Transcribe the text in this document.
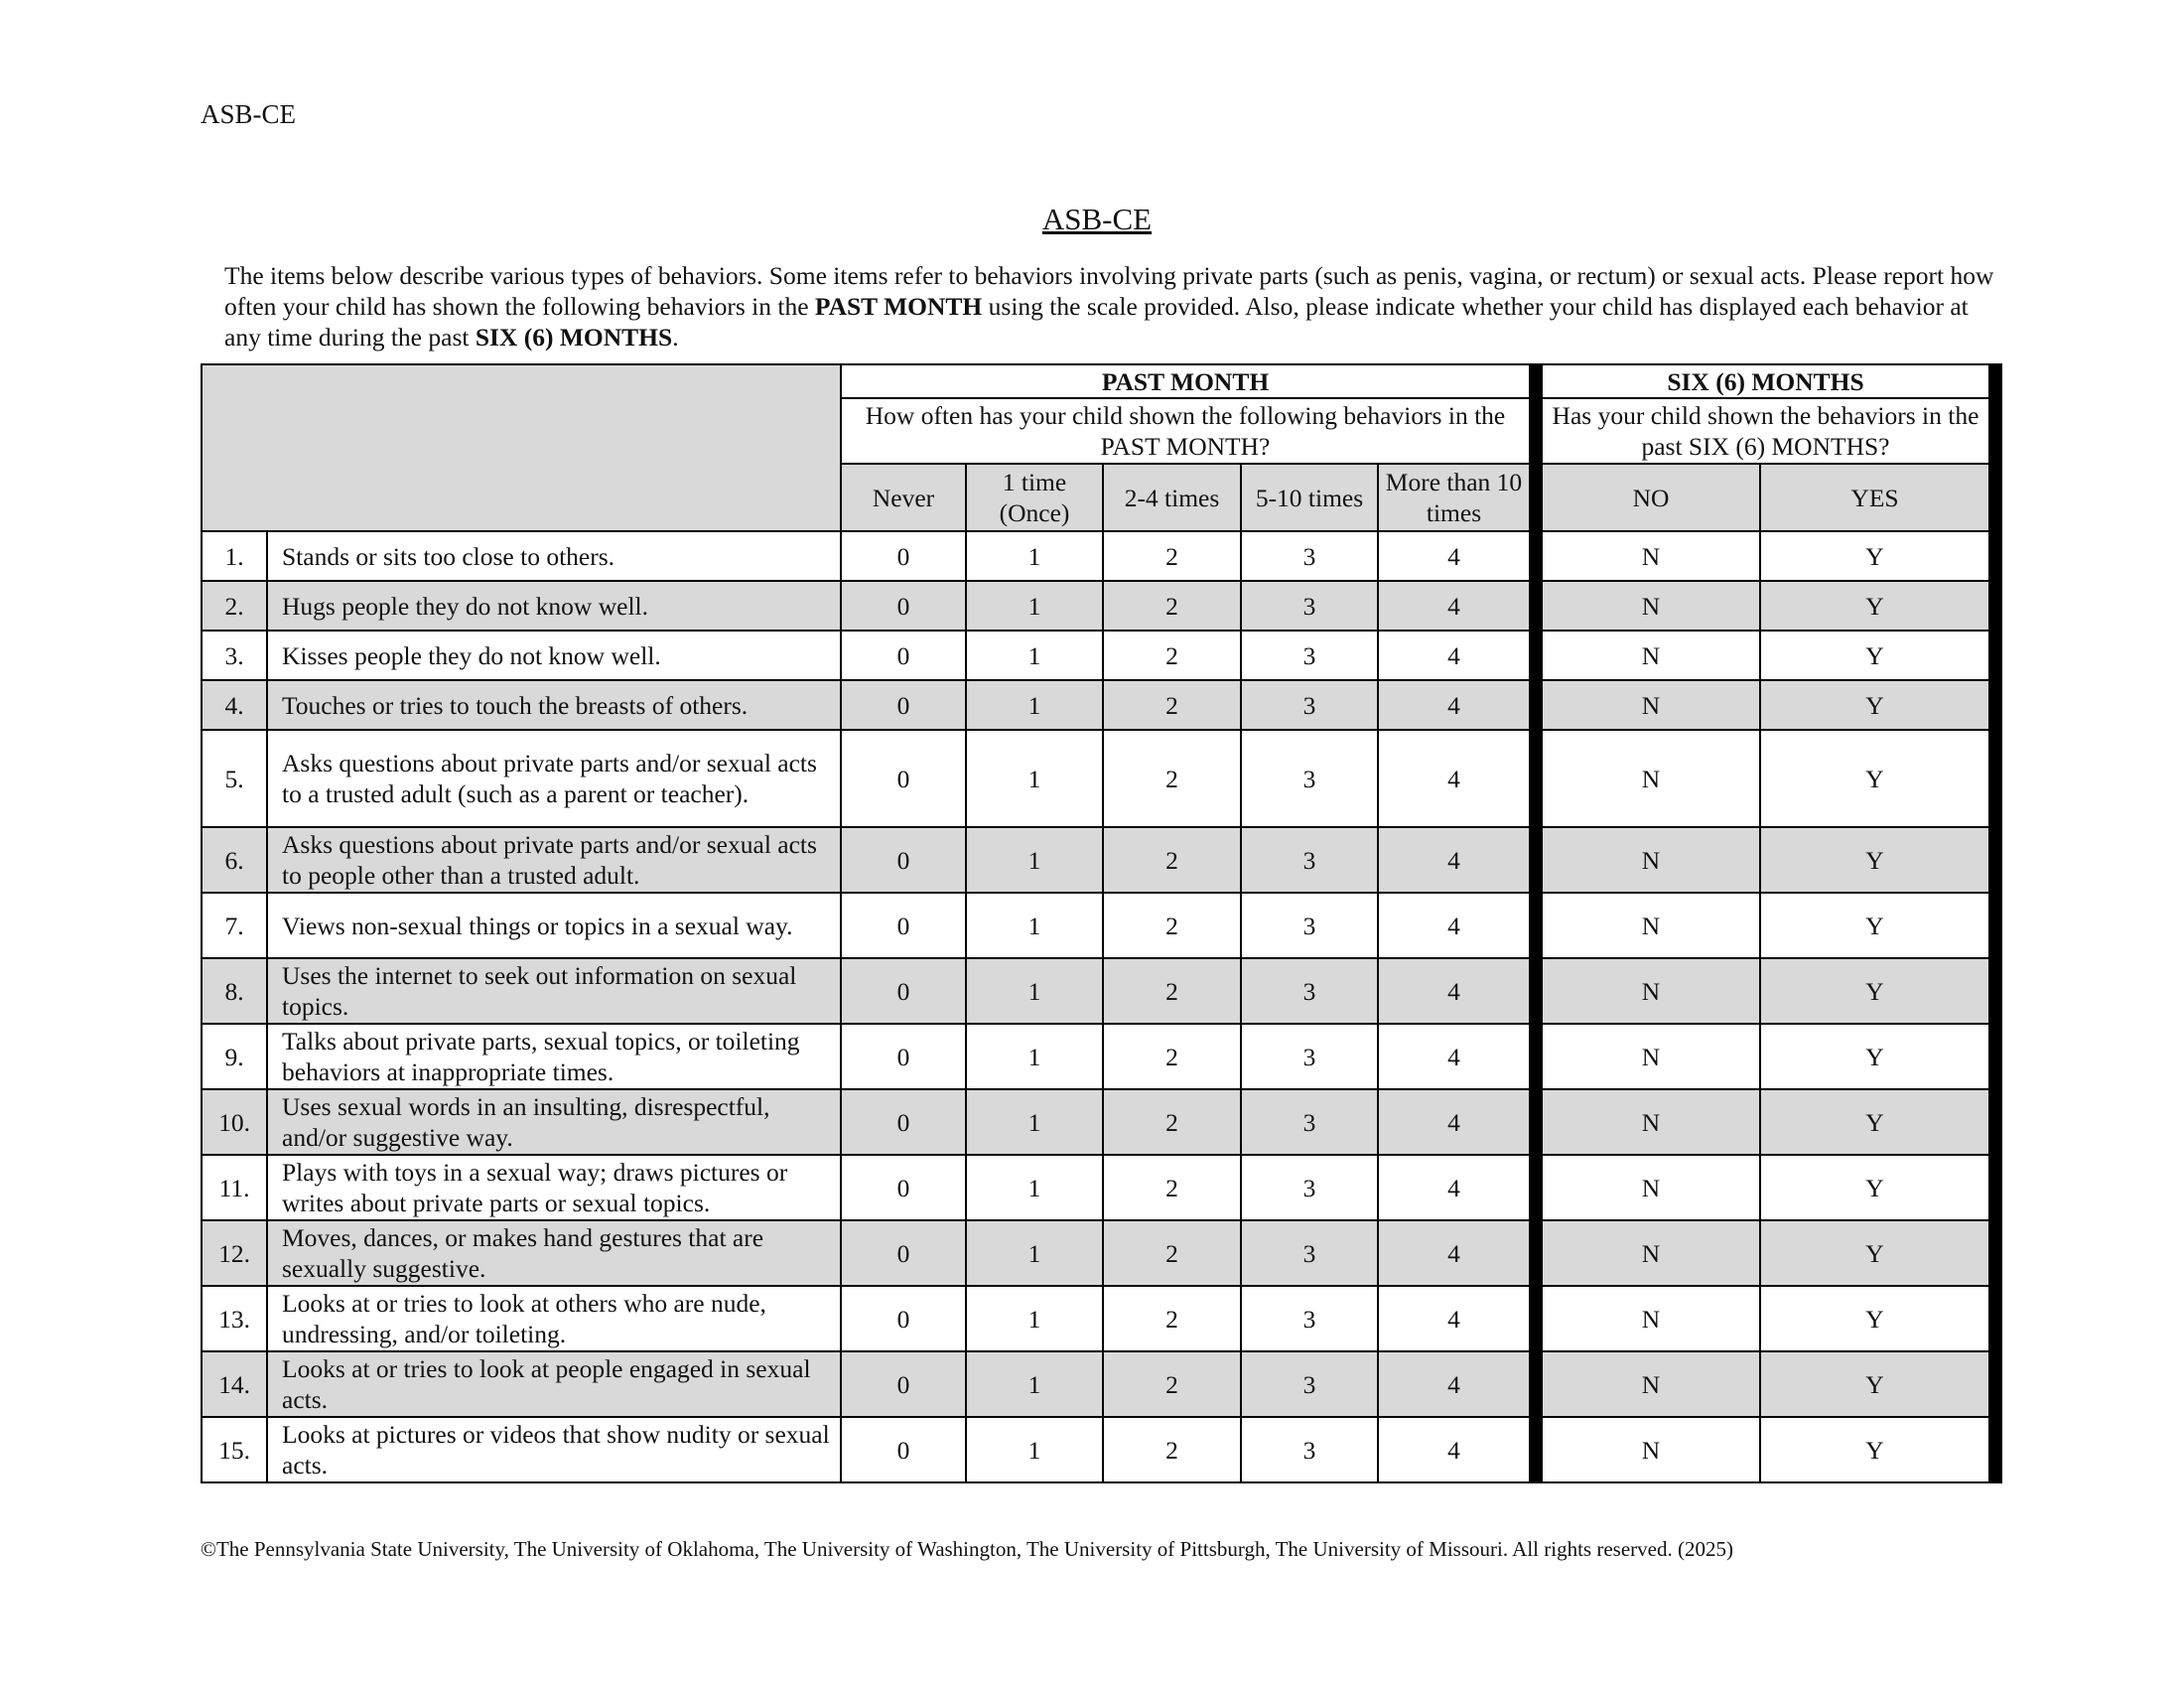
ASB-CE
ASB-CE
The items below describe various types of behaviors. Some items refer to behaviors involving private parts (such as penis, vagina, or rectum) or sexual acts. Please report how often your child has shown the following behaviors in the PAST MONTH using the scale provided. Also, please indicate whether your child has displayed each behavior at any time during the past SIX (6) MONTHS.
		PAST MONTH					SIX (6) MONTHS	
		How often has your child shown the following behaviors in the PAST MONTH?					Has your child shown the behaviors in the past SIX (6) MONTHS?	
		Never	1 time (Once)	2-4 times	5-10 times	More than 10 times	NO	YES
1.	Stands or sits too close to others.	0	1	2	3	4	N	Y
2.	Hugs people they do not know well.	0	1	2	3	4	N	Y
3.	Kisses people they do not know well.	0	1	2	3	4	N	Y
4.	Touches or tries to touch the breasts of others.	0	1	2	3	4	N	Y
5.	Asks questions about private parts and/or sexual acts to a trusted adult (such as a parent or teacher).	0	1	2	3	4	N	Y
6.	Asks questions about private parts and/or sexual acts to people other than a trusted adult.	0	1	2	3	4	N	Y
7.	Views non-sexual things or topics in a sexual way.	0	1	2	3	4	N	Y
8.	Uses the internet to seek out information on sexual topics.	0	1	2	3	4	N	Y
9.	Talks about private parts, sexual topics, or toileting behaviors at inappropriate times.	0	1	2	3	4	N	Y
10.	Uses sexual words in an insulting, disrespectful, and/or suggestive way.	0	1	2	3	4	N	Y
11.	Plays with toys in a sexual way; draws pictures or writes about private parts or sexual topics.	0	1	2	3	4	N	Y
12.	Moves, dances, or makes hand gestures that are sexually suggestive.	0	1	2	3	4	N	Y
13.	Looks at or tries to look at others who are nude, undressing, and/or toileting.	0	1	2	3	4	N	Y
14.	Looks at or tries to look at people engaged in sexual acts.	0	1	2	3	4	N	Y
15.	Looks at pictures or videos that show nudity or sexual acts.	0	1	2	3	4	N	Y
©The Pennsylvania State University, The University of Oklahoma, The University of Washington, The University of Pittsburgh, The University of Missouri. All rights reserved. (2025)
